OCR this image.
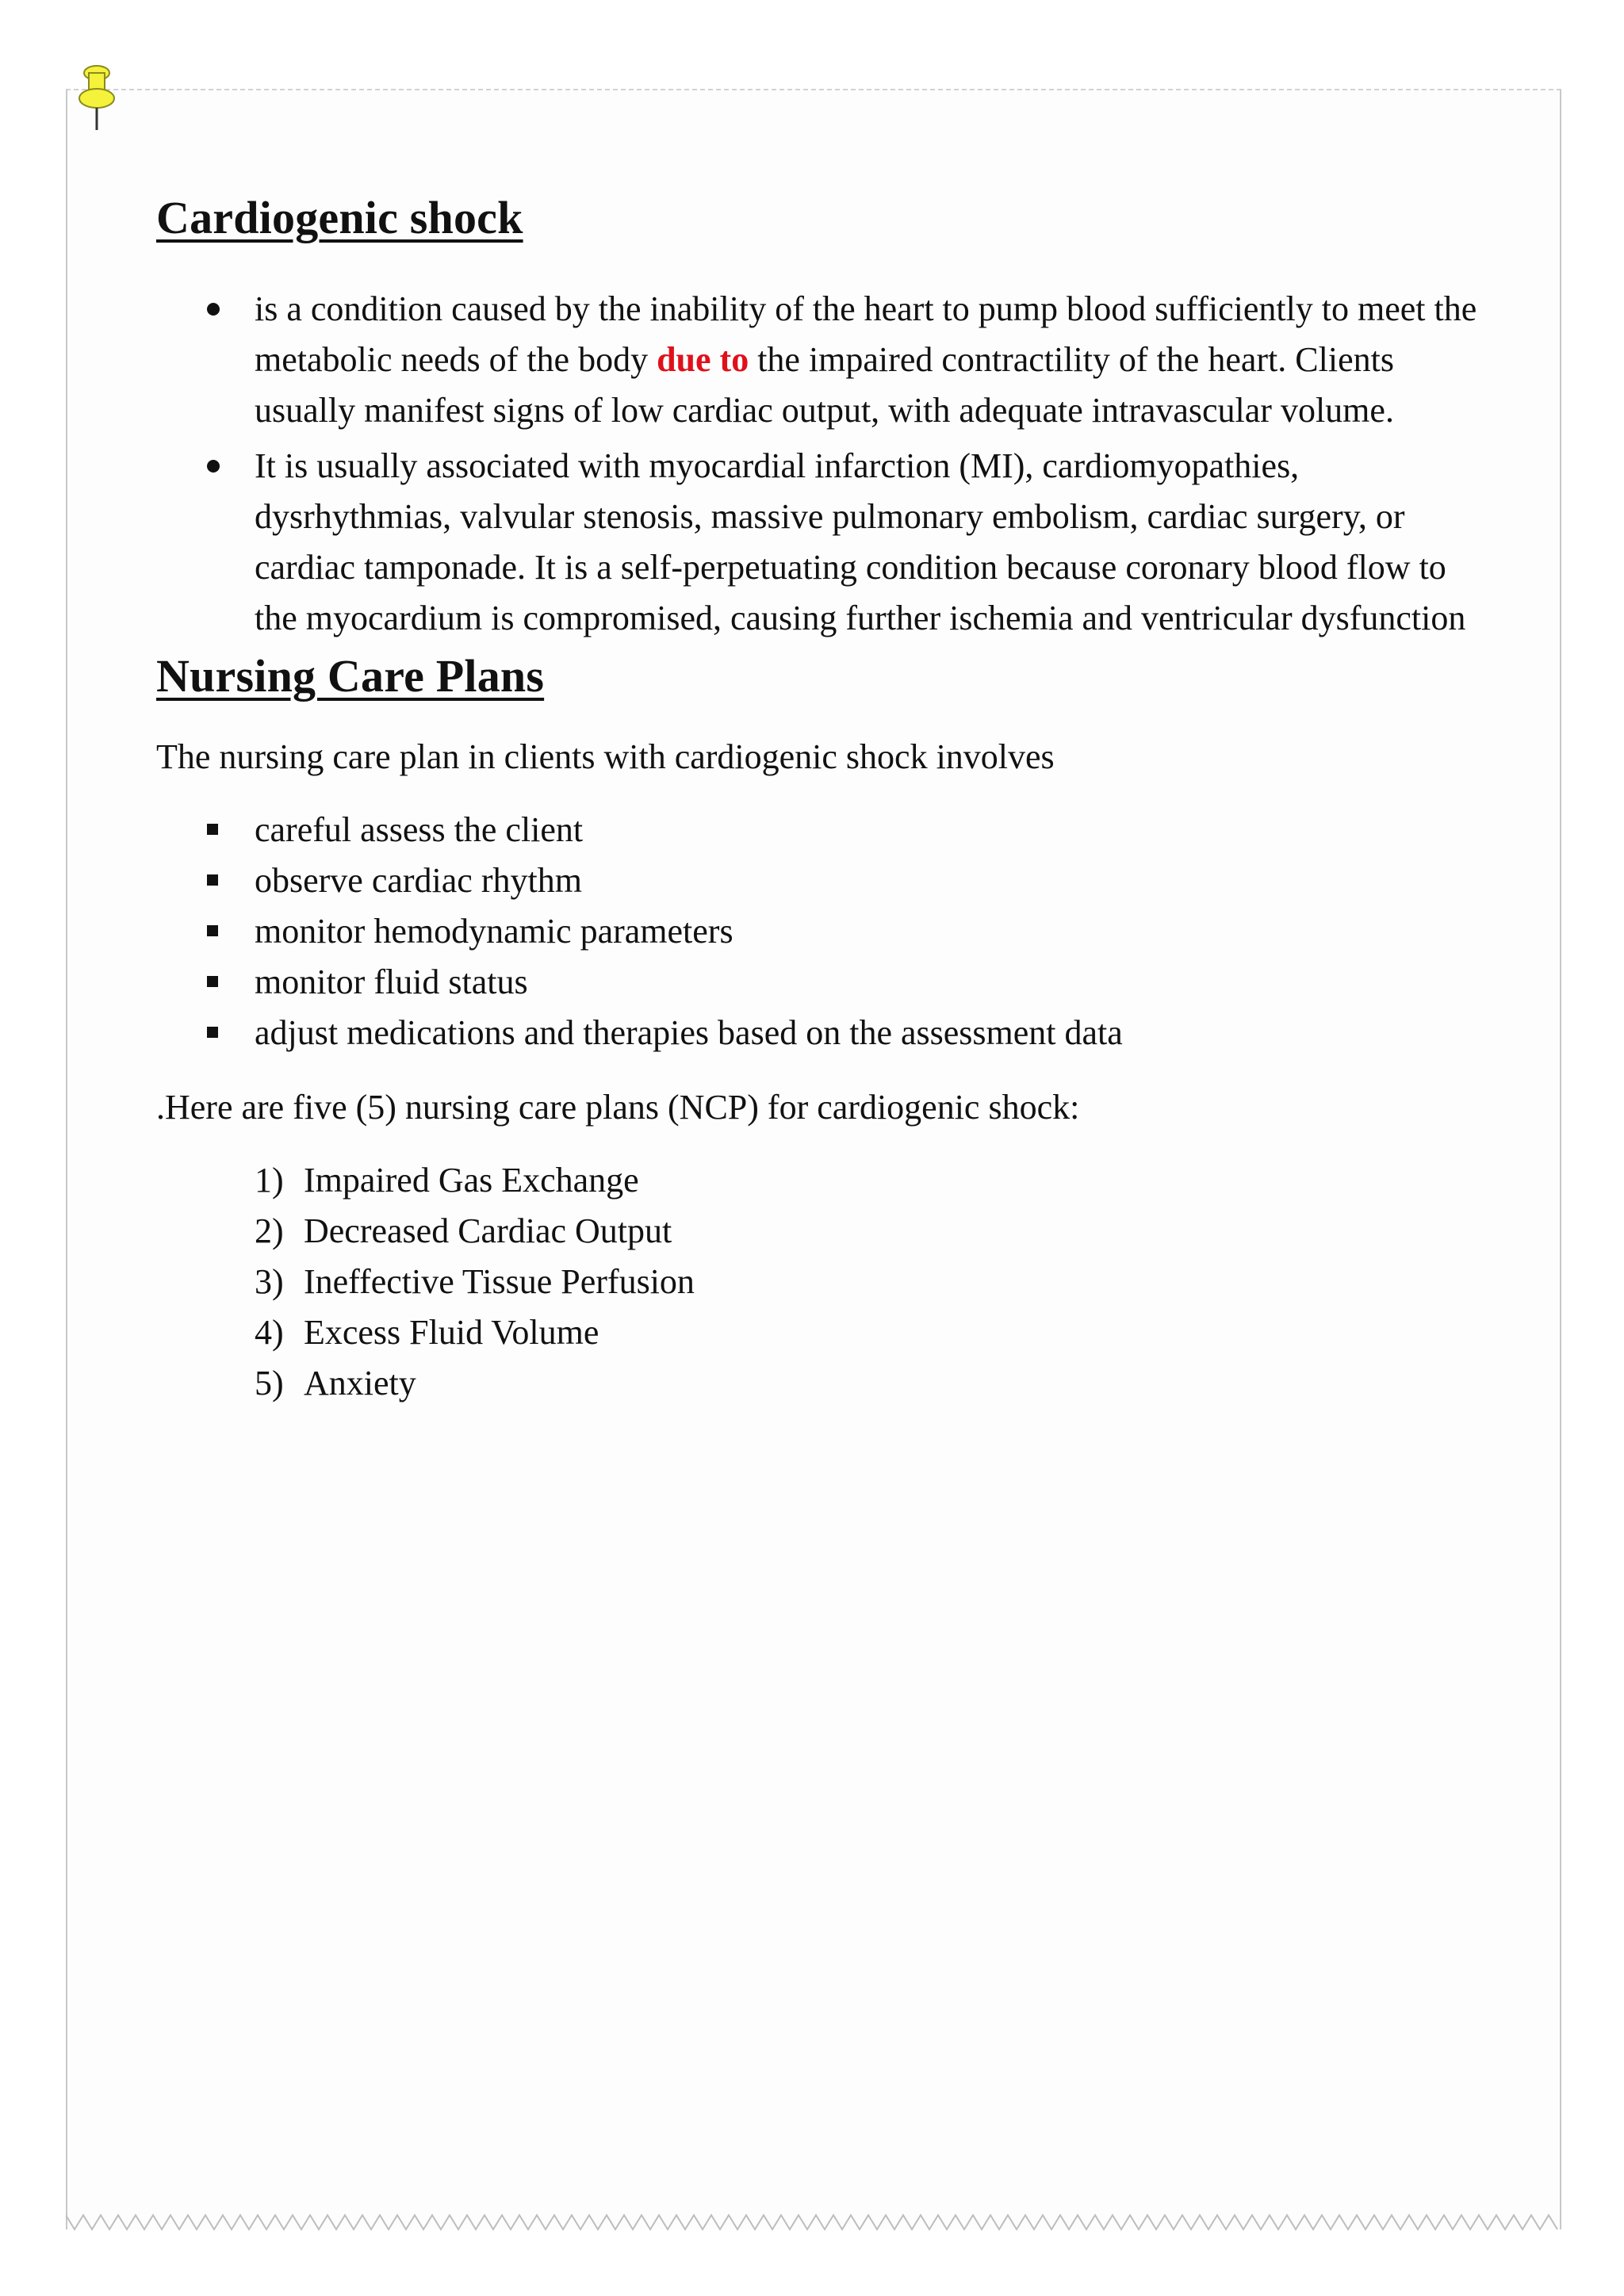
Cardiogenic shock
is a condition caused by the inability of the heart to pump blood sufficiently to meet the metabolic needs of the body due to the impaired contractility of the heart. Clients usually manifest signs of low cardiac output, with adequate intravascular volume.
It is usually associated with myocardial infarction (MI), cardiomyopathies, dysrhythmias, valvular stenosis, massive pulmonary embolism, cardiac surgery, or cardiac tamponade. It is a self-perpetuating condition because coronary blood flow to the myocardium is compromised, causing further ischemia and ventricular dysfunction
Nursing Care Plans

The nursing care plan in clients with cardiogenic shock involves

careful assess the client
observe cardiac rhythm
monitor hemodynamic parameters
monitor fluid status
adjust medications and therapies based on the assessment data

.Here are five (5) nursing care plans (NCP) for cardiogenic shock:

1) Impaired Gas Exchange
2) Decreased Cardiac Output
3) Ineffective Tissue Perfusion
4) Excess Fluid Volume
5) Anxiety
